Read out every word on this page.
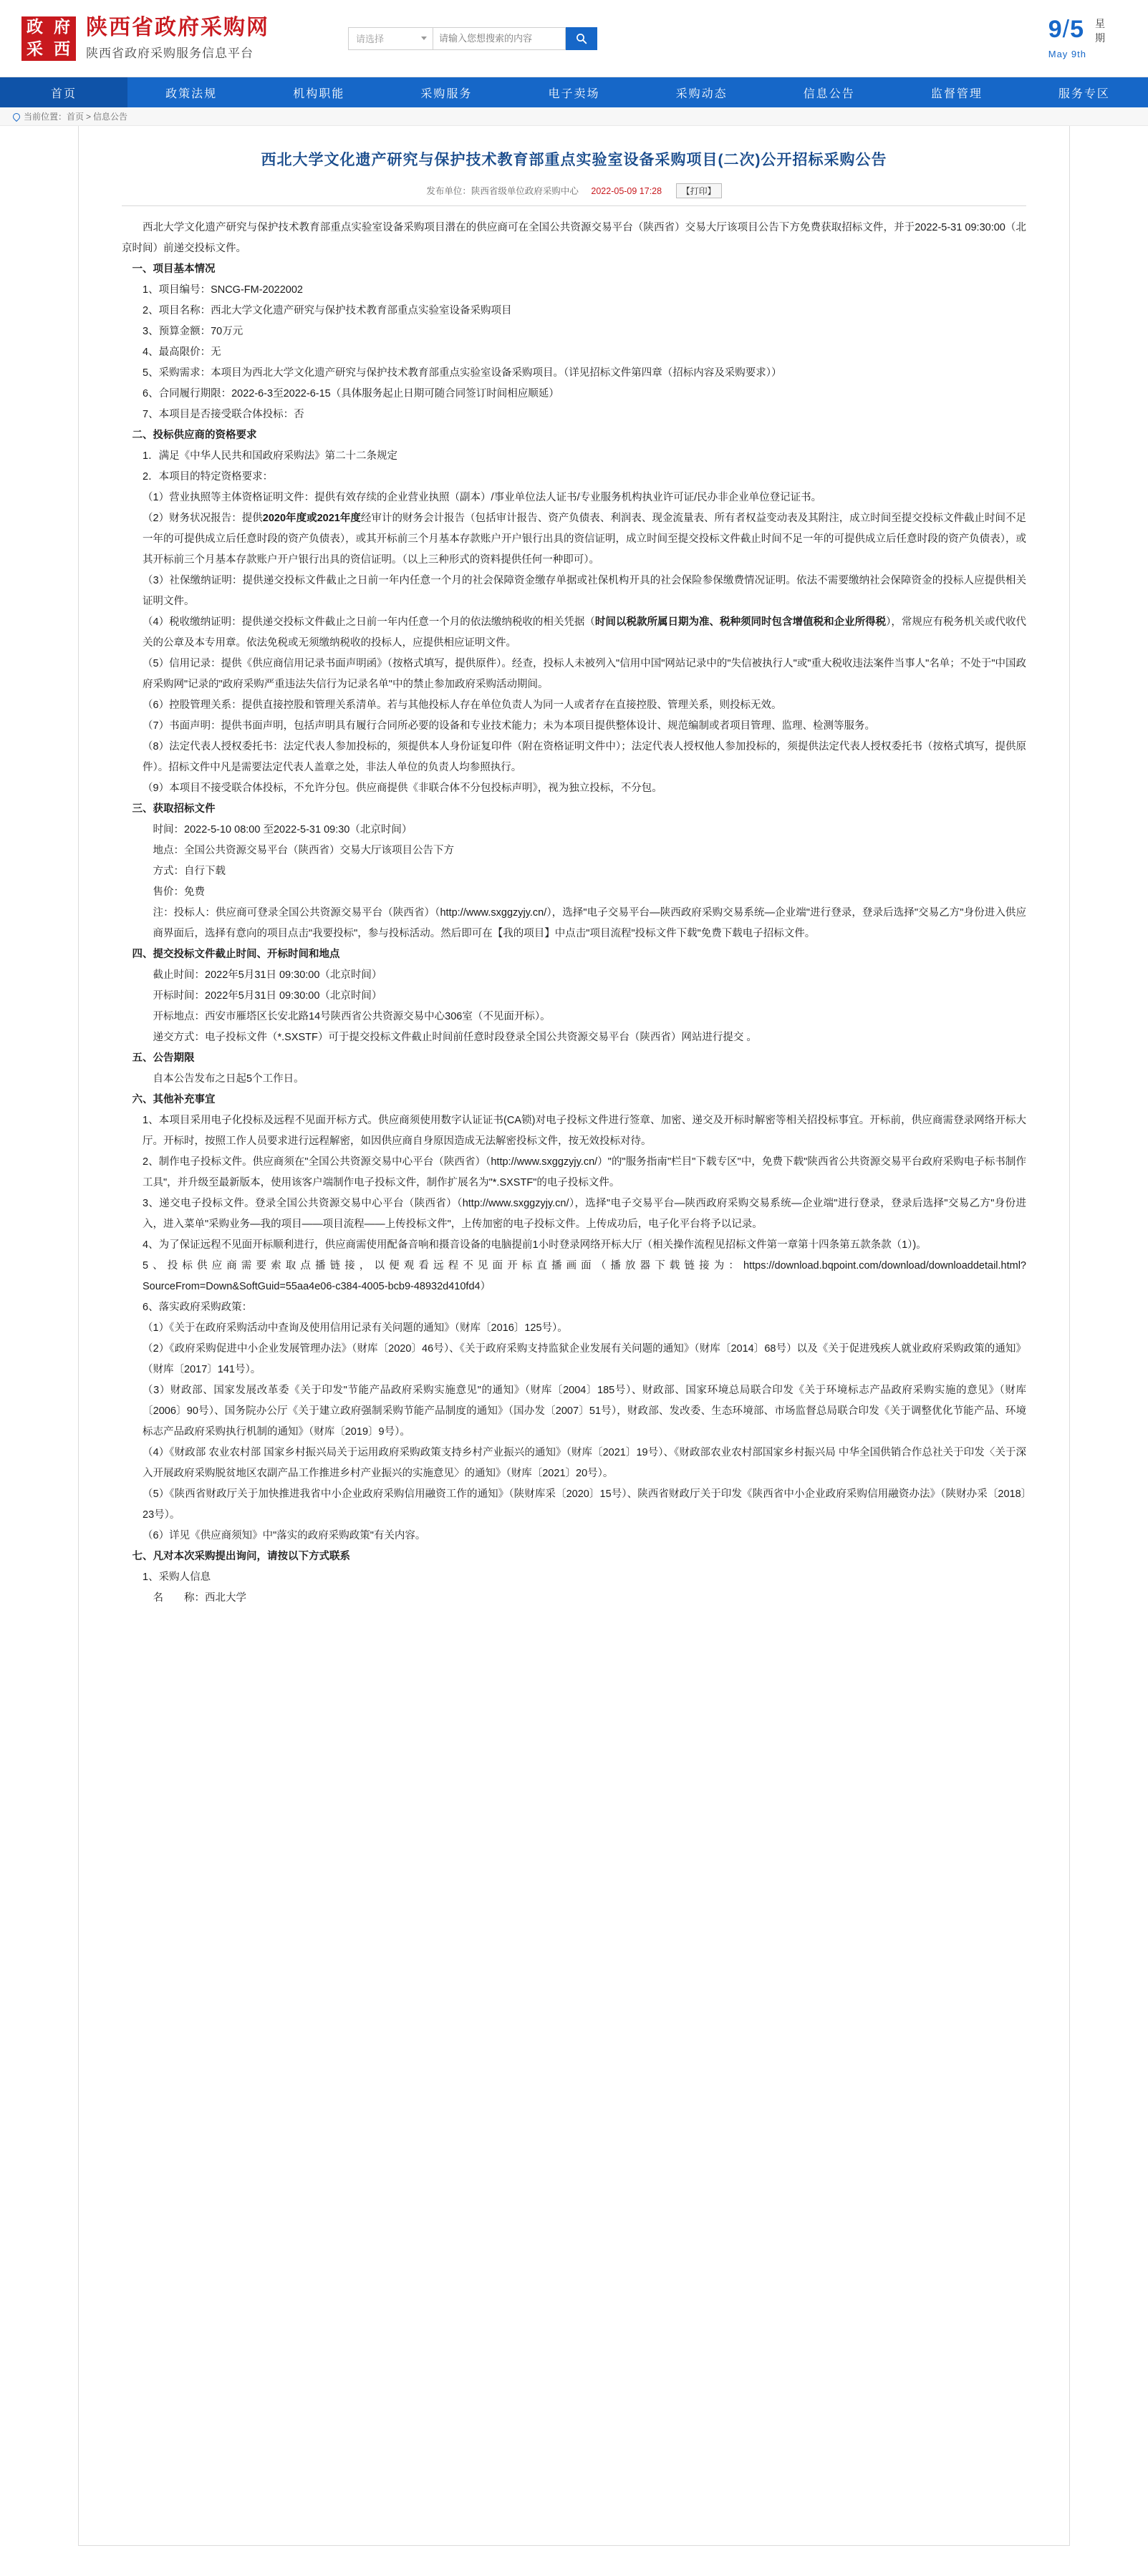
政 府
采 西
陕西省政府采购网
陕西省政府采购服务信息平台
请选择
请输入您想搜索的内容	9/5
May 9th
星
期
首页	政策法规	机构职能	采购服务	电子卖场	采购动态	信息公告	监督管理	服务专区
当前位置： 首页 > 信息公告
西北大学文化遗产研究与保护技术教育部重点实验室设备采购项目(二次)公开招标采购公告
发布单位：陕西省级单位政府采购中心 2022-05-09 17:28 【打印】

西北大学文化遗产研究与保护技术教育部重点实验室设备采购项目潜在的供应商可在全国公共资源交易平台（陕西省）交易大厅该项目公告下方免费获取招标文件，并于2022-5-31 09:30:00（北京时间）前递交投标文件。

一、项目基本情况

1、项目编号：SNCG-FM-2022002

2、项目名称：西北大学文化遗产研究与保护技术教育部重点实验室设备采购项目

3、预算金额：70万元

4、最高限价：无

5、采购需求：本项目为西北大学文化遗产研究与保护技术教育部重点实验室设备采购项目。（详见招标文件第四章（招标内容及采购要求））

6、合同履行期限：2022-6-3至2022-6-15（具体服务起止日期可随合同签订时间相应顺延）

7、本项目是否接受联合体投标：否

二、投标供应商的资格要求

1．满足《中华人民共和国政府采购法》第二十二条规定

2．本项目的特定资格要求：

（1）营业执照等主体资格证明文件：提供有效存续的企业营业执照（副本）/事业单位法人证书/专业服务机构执业许可证/民办非企业单位登记证书。

（2）财务状况报告：提供2020年度或2021年度经审计的财务会计报告（包括审计报告、资产负债表、利润表、现金流量表、所有者权益变动表及其附注，成立时间至提交投标文件截止时间不足一年的可提供成立后任意时段的资产负债表），或其开标前三个月基本存款账户开户银行出具的资信证明，成立时间至提交投标文件截止时间不足一年的可提供成立后任意时段的资产负债表），或其开标前三个月基本存款账户开户银行出具的资信证明。（以上三种形式的资料提供任何一种即可）。

（3）社保缴纳证明：提供递交投标文件截止之日前一年内任意一个月的社会保障资金缴存单据或社保机构开具的社会保险参保缴费情况证明。依法不需要缴纳社会保障资金的投标人应提供相关证明文件。

（4）税收缴纳证明：提供递交投标文件截止之日前一年内任意一个月的依法缴纳税收的相关凭据（时间以税款所属日期为准、税种须同时包含增值税和企业所得税），常规应有税务机关或代收代关的公章及本专用章。依法免税或无须缴纳税收的投标人，应提供相应证明文件。

（5）信用记录：提供《供应商信用记录书面声明函》（按格式填写，提供原件）。经查，投标人未被列入"信用中国"网站记录中的"失信被执行人"或"重大税收违法案件当事人"名单；不处于"中国政府采购网"记录的"政府采购严重违法失信行为记录名单"中的禁止参加政府采购活动期间。

（6）控股管理关系：提供直接控股和管理关系清单。若与其他投标人存在单位负责人为同一人或者存在直接控股、管理关系，则投标无效。

（7）书面声明：提供书面声明，包括声明具有履行合同所必要的设备和专业技术能力；未为本项目提供整体设计、规范编制或者项目管理、监理、检测等服务。

（8）法定代表人授权委托书：法定代表人参加投标的，须提供本人身份证复印件（附在资格证明文件中）；法定代表人授权他人参加投标的，须提供法定代表人授权委托书（按格式填写，提供原件）。招标文件中凡是需要法定代表人盖章之处，非法人单位的负责人均参照执行。

（9）本项目不接受联合体投标，不允许分包。供应商提供《非联合体不分包投标声明》，视为独立投标，不分包。

三、获取招标文件

时间：2022-5-10 08:00 至2022-5-31 09:30（北京时间）

地点：全国公共资源交易平台（陕西省）交易大厅该项目公告下方

方式：自行下载

售价：免费

注：投标人：供应商可登录全国公共资源交易平台（陕西省）（http://www.sxggzyjy.cn/），选择"电子交易平台—陕西政府采购交易系统—企业端"进行登录，登录后选择"交易乙方"身份进入供应商界面后，选择有意向的项目点击"我要投标"，参与投标活动。然后即可在【我的项目】中点击"项目流程"投标文件下载"免费下载电子招标文件。

四、提交投标文件截止时间、开标时间和地点

截止时间：2022年5月31日 09:30:00（北京时间）

开标时间：2022年5月31日 09:30:00（北京时间）

开标地点：西安市雁塔区长安北路14号陕西省公共资源交易中心306室（不见面开标）。

递交方式：电子投标文件（*.SXSTF）可于提交投标文件截止时间前任意时段登录全国公共资源交易平台（陕西省）网站进行提交 。

五、公告期限

自本公告发布之日起5个工作日。

六、其他补充事宜

1、本项目采用电子化投标及远程不见面开标方式。供应商须使用数字认证证书(CA锁)对电子投标文件进行签章、加密、递交及开标时解密等相关招投标事宜。开标前，供应商需登录网络开标大厅。开标时，按照工作人员要求进行远程解密，如因供应商自身原因造成无法解密投标文件，按无效投标对待。

2、制作电子投标文件。供应商须在"全国公共资源交易中心平台（陕西省）（http://www.sxggzyjy.cn/）"的"服务指南"栏目"下载专区"中，免费下载"陕西省公共资源交易平台政府采购电子标书制作工具"，并升级至最新版本，使用该客户端制作电子投标文件，制作扩展名为"*.SXSTF"的电子投标文件。

3、递交电子投标文件。登录全国公共资源交易中心平台（陕西省）（http://www.sxggzyjy.cn/），选择"电子交易平台—陕西政府采购交易系统—企业端"进行登录，登录后选择"交易乙方"身份进入，进入菜单"采购业务—我的项目——项目流程——上传投标文件"，上传加密的电子投标文件。上传成功后，电子化平台将予以记录。

4、为了保证远程不见面开标顺利进行，供应商需使用配备音响和摄音设备的电脑提前1小时登录网络开标大厅（相关操作流程见招标文件第一章第十四条第五款条款（1）)。

5、投标供应商需要索取点播链接，以便观看远程不见面开标直播画面（播放器下载链接为：https://download.bqpoint.com/download/downloaddetail.html?SourceFrom=Down&SoftGuid=55aa4e06-c384-4005-bcb9-48932d410fd4）

6、落实政府采购政策：

（1）《关于在政府采购活动中查询及使用信用记录有关问题的通知》（财库〔2016〕125号）。

（2）《政府采购促进中小企业发展管理办法》（财库〔2020〕46号）、《关于政府采购支持监狱企业发展有关问题的通知》（财库〔2014〕68号）以及《关于促进残疾人就业政府采购政策的通知》（财库〔2017〕141号）。

（3）财政部、国家发展改革委《关于印发"节能产品政府采购实施意见"的通知》（财库〔2004〕185号）、财政部、国家环境总局联合印发《关于环境标志产品政府采购实施的意见》（财库〔2006〕90号）、国务院办公厅《关于建立政府强制采购节能产品制度的通知》（国办发〔2007〕51号），财政部、发改委、生态环境部、市场监督总局联合印发《关于调整优化节能产品、环境标志产品政府采购执行机制的通知》（财库〔2019〕9号）。

（4）《财政部 农业农村部 国家乡村振兴局关于运用政府采购政策支持乡村产业振兴的通知》（财库〔2021〕19号）、《财政部农业农村部国家乡村振兴局 中华全国供销合作总社关于印发〈关于深入开展政府采购脱贫地区农副产品工作推进乡村产业振兴的实施意见〉的通知》（财库〔2021〕20号）。

（5）《陕西省财政厅关于加快推进我省中小企业政府采购信用融资工作的通知》（陕财库采〔2020〕15号）、陕西省财政厅关于印发《陕西省中小企业政府采购信用融资办法》（陕财办采〔2018〕23号）。

（6）详见《供应商须知》中"落实的政府采购政策"有关内容。

七、凡对本次采购提出询问，请按以下方式联系

1、采购人信息

名　　称：西北大学
